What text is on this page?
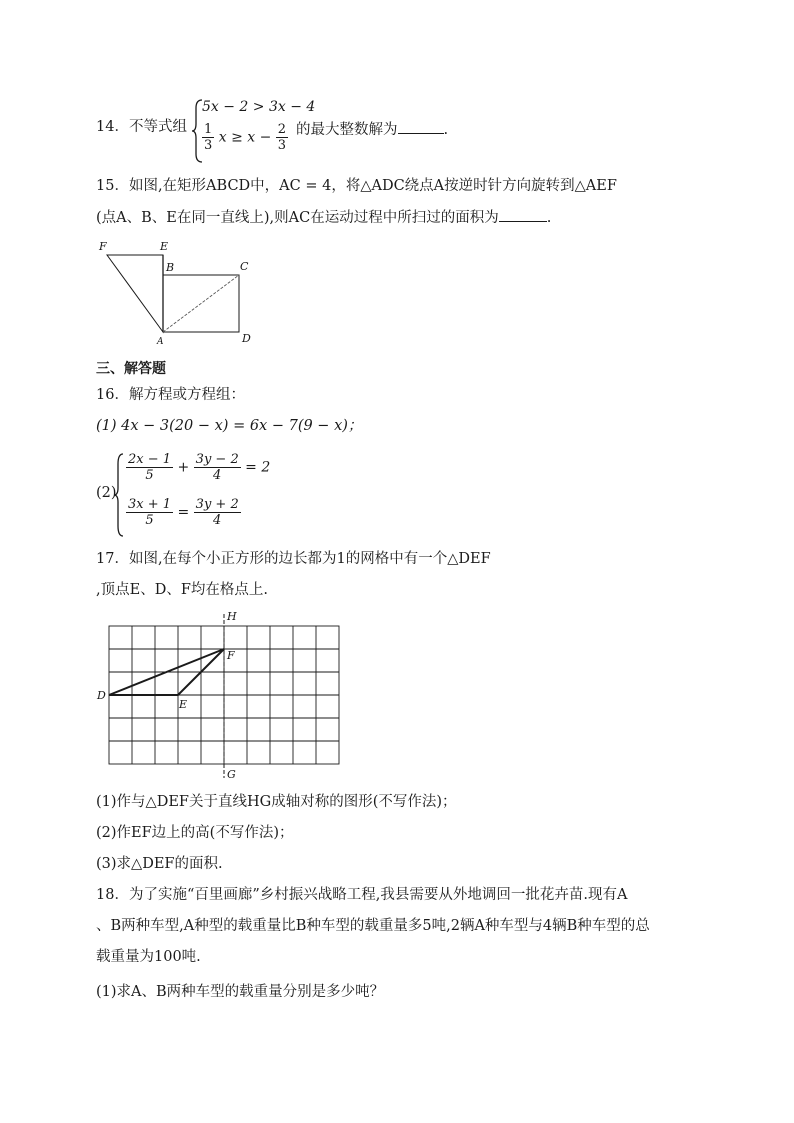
14．不等式组
5x − 2 > 3x − 4
$\frac{1}{3}$ $x \ge x - \frac{2}{3}$ 的最大整数解为	.
15．如图,在矩形ABCD中，AC = 4，将△ADC绕点A按逆时针方向旋转到△AEF
(点A、B、E在同一直线上),则AC在运动过程中所扫过的面积为	.
F	E
B	C
A	D
三、解答题
16．解方程或方程组：
(1) 4x − 3(20 − x) = 6x − 7(9 − x)；
(2)
$\frac{2x - 1}{5} + \frac{3y - 2}{4} = 2$
$\frac{3x + 1}{5} = \frac{3y + 2}{4}$
17．如图,在每个小正方形的边长都为1的网格中有一个△DEF
,顶点E、D、F均在格点上.
H
G
D
E
F
(1)作与△DEF关于直线HG成轴对称的图形(不写作法)；
(2)作EF边上的高(不写作法)；
(3)求△DEF的面积.
18．为了实施“百里画廊”乡村振兴战略工程,我县需要从外地调回一批花卉苗.现有A
、B两种车型,A种型的载重量比B种车型的载重量多5吨,2辆A种车型与4辆B种车型的总
载重量为100吨.
(1)求A、B两种车型的载重量分别是多少吨？
